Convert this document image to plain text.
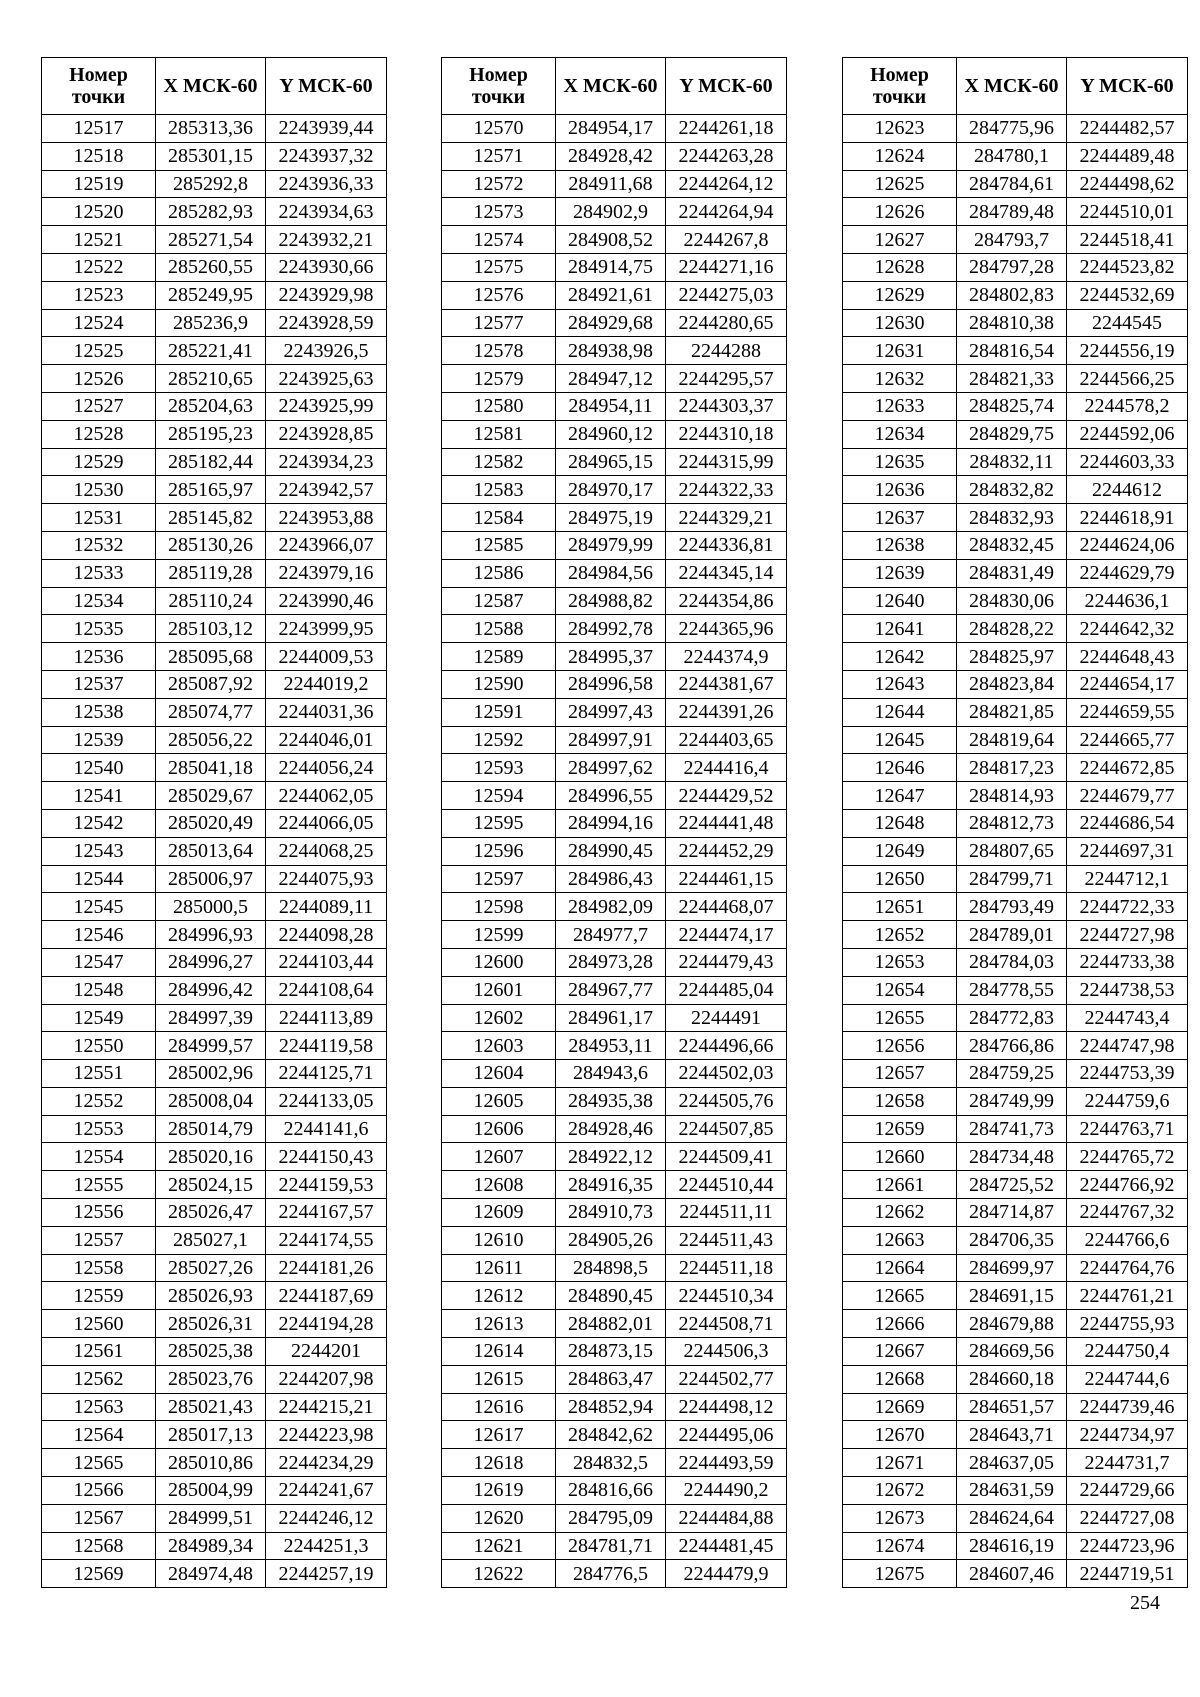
Номер точки	X МСК-60	Y МСК-60
12517	285313,36	2243939,44
12518	285301,15	2243937,32
12519	285292,8	2243936,33
12520	285282,93	2243934,63
12521	285271,54	2243932,21
12522	285260,55	2243930,66
12523	285249,95	2243929,98
12524	285236,9	2243928,59
12525	285221,41	2243926,5
12526	285210,65	2243925,63
12527	285204,63	2243925,99
12528	285195,23	2243928,85
12529	285182,44	2243934,23
12530	285165,97	2243942,57
12531	285145,82	2243953,88
12532	285130,26	2243966,07
12533	285119,28	2243979,16
12534	285110,24	2243990,46
12535	285103,12	2243999,95
12536	285095,68	2244009,53
12537	285087,92	2244019,2
12538	285074,77	2244031,36
12539	285056,22	2244046,01
12540	285041,18	2244056,24
12541	285029,67	2244062,05
12542	285020,49	2244066,05
12543	285013,64	2244068,25
12544	285006,97	2244075,93
12545	285000,5	2244089,11
12546	284996,93	2244098,28
12547	284996,27	2244103,44
12548	284996,42	2244108,64
12549	284997,39	2244113,89
12550	284999,57	2244119,58
12551	285002,96	2244125,71
12552	285008,04	2244133,05
12553	285014,79	2244141,6
12554	285020,16	2244150,43
12555	285024,15	2244159,53
12556	285026,47	2244167,57
12557	285027,1	2244174,55
12558	285027,26	2244181,26
12559	285026,93	2244187,69
12560	285026,31	2244194,28
12561	285025,38	2244201
12562	285023,76	2244207,98
12563	285021,43	2244215,21
12564	285017,13	2244223,98
12565	285010,86	2244234,29
12566	285004,99	2244241,67
12567	284999,51	2244246,12
12568	284989,34	2244251,3
12569	284974,48	2244257,19
Номер точки	X МСК-60	Y МСК-60
12570	284954,17	2244261,18
12571	284928,42	2244263,28
12572	284911,68	2244264,12
12573	284902,9	2244264,94
12574	284908,52	2244267,8
12575	284914,75	2244271,16
12576	284921,61	2244275,03
12577	284929,68	2244280,65
12578	284938,98	2244288
12579	284947,12	2244295,57
12580	284954,11	2244303,37
12581	284960,12	2244310,18
12582	284965,15	2244315,99
12583	284970,17	2244322,33
12584	284975,19	2244329,21
12585	284979,99	2244336,81
12586	284984,56	2244345,14
12587	284988,82	2244354,86
12588	284992,78	2244365,96
12589	284995,37	2244374,9
12590	284996,58	2244381,67
12591	284997,43	2244391,26
12592	284997,91	2244403,65
12593	284997,62	2244416,4
12594	284996,55	2244429,52
12595	284994,16	2244441,48
12596	284990,45	2244452,29
12597	284986,43	2244461,15
12598	284982,09	2244468,07
12599	284977,7	2244474,17
12600	284973,28	2244479,43
12601	284967,77	2244485,04
12602	284961,17	2244491
12603	284953,11	2244496,66
12604	284943,6	2244502,03
12605	284935,38	2244505,76
12606	284928,46	2244507,85
12607	284922,12	2244509,41
12608	284916,35	2244510,44
12609	284910,73	2244511,11
12610	284905,26	2244511,43
12611	284898,5	2244511,18
12612	284890,45	2244510,34
12613	284882,01	2244508,71
12614	284873,15	2244506,3
12615	284863,47	2244502,77
12616	284852,94	2244498,12
12617	284842,62	2244495,06
12618	284832,5	2244493,59
12619	284816,66	2244490,2
12620	284795,09	2244484,88
12621	284781,71	2244481,45
12622	284776,5	2244479,9
Номер точки	X МСК-60	Y МСК-60
12623	284775,96	2244482,57
12624	284780,1	2244489,48
12625	284784,61	2244498,62
12626	284789,48	2244510,01
12627	284793,7	2244518,41
12628	284797,28	2244523,82
12629	284802,83	2244532,69
12630	284810,38	2244545
12631	284816,54	2244556,19
12632	284821,33	2244566,25
12633	284825,74	2244578,2
12634	284829,75	2244592,06
12635	284832,11	2244603,33
12636	284832,82	2244612
12637	284832,93	2244618,91
12638	284832,45	2244624,06
12639	284831,49	2244629,79
12640	284830,06	2244636,1
12641	284828,22	2244642,32
12642	284825,97	2244648,43
12643	284823,84	2244654,17
12644	284821,85	2244659,55
12645	284819,64	2244665,77
12646	284817,23	2244672,85
12647	284814,93	2244679,77
12648	284812,73	2244686,54
12649	284807,65	2244697,31
12650	284799,71	2244712,1
12651	284793,49	2244722,33
12652	284789,01	2244727,98
12653	284784,03	2244733,38
12654	284778,55	2244738,53
12655	284772,83	2244743,4
12656	284766,86	2244747,98
12657	284759,25	2244753,39
12658	284749,99	2244759,6
12659	284741,73	2244763,71
12660	284734,48	2244765,72
12661	284725,52	2244766,92
12662	284714,87	2244767,32
12663	284706,35	2244766,6
12664	284699,97	2244764,76
12665	284691,15	2244761,21
12666	284679,88	2244755,93
12667	284669,56	2244750,4
12668	284660,18	2244744,6
12669	284651,57	2244739,46
12670	284643,71	2244734,97
12671	284637,05	2244731,7
12672	284631,59	2244729,66
12673	284624,64	2244727,08
12674	284616,19	2244723,96
12675	284607,46	2244719,51
254
